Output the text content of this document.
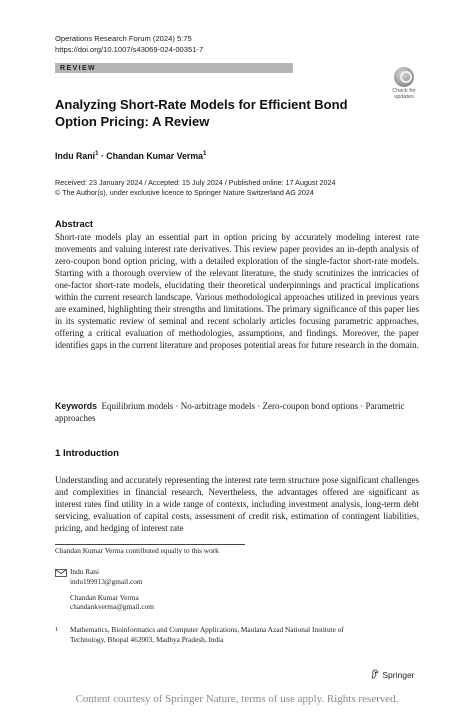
Operations Research Forum (2024) 5:75
https://doi.org/10.1007/s43069-024-00351-7
REVIEW
Check for
updates
Analyzing Short-Rate Models for Efficient Bond Option Pricing: A Review
Indu Rani$^1$ · Chandan Kumar Verma$^1$
Received: 23 January 2024 / Accepted: 15 July 2024 / Published online: 17 August 2024
© The Author(s), under exclusive licence to Springer Nature Switzerland AG 2024
Abstract
Short-rate models play an essential part in option pricing by accurately modeling interest rate movements and valuing interest rate derivatives. This review paper provides an in-depth analysis of zero-coupon bond option pricing, with a detailed exploration of the single-factor short-rate models. Starting with a thorough overview of the relevant literature, the study scrutinizes the intricacies of one-factor short-rate models, elucidating their theoretical underpinnings and practical implications within the current research landscape. Various methodological approaches utilized in previous years are examined, highlighting their strengths and limitations. The primary significance of this paper lies in its systematic review of seminal and recent scholarly articles focusing parametric approaches, offering a critical evaluation of methodologies, assumptions, and findings. Moreover, the paper identifies gaps in the current literature and proposes potential areas for future research in the domain.
Keywords Equilibrium models · No-arbitrage models · Zero-coupon bond options · Parametric approaches
1 Introduction
Understanding and accurately representing the interest rate term structure pose significant challenges and complexities in financial research. Nevertheless, the advantages offered are significant as interest rates find utility in a wide range of contexts, including investment analysis, long-term debt servicing, evaluation of capital costs, assessment of credit risk, estimation of contingent liabilities, pricing, and hedging of interest rate
Chandan Kumar Verma contributed equally to this work
Indu Rani
indu199913@gmail.com
Chandan Kumar Verma
chandankverma@gmail.com
1 Mathematics, Bioinformatics and Computer Applications, Maulana Azad National Institute of
Technology, Bhopal 462003, Madhya Pradesh, India
Springer
Content courtesy of Springer Nature, terms of use apply. Rights reserved.
